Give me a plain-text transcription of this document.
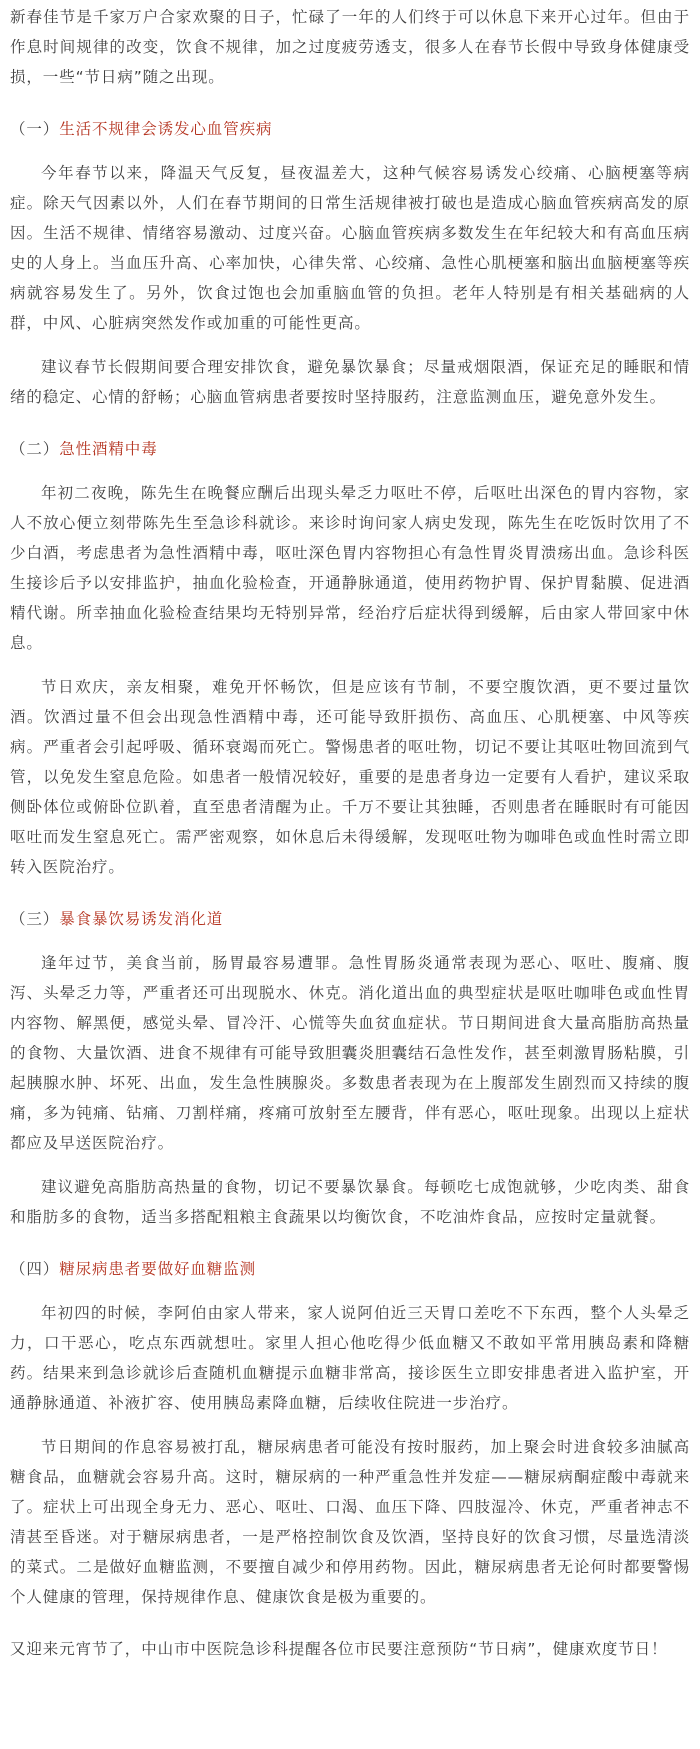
新春佳节是千家万户合家欢聚的日子，忙碌了一年的人们终于可以休息下来开心过年。但由于作息时间规律的改变，饮食不规律，加之过度疲劳透支，很多人在春节长假中导致身体健康受损，一些“节日病”随之出现。

（一）生活不规律会诱发心血管疾病

今年春节以来，降温天气反复，昼夜温差大，这种气候容易诱发心绞痛、心脑梗塞等病症。除天气因素以外，人们在春节期间的日常生活规律被打破也是造成心脑血管疾病高发的原因。生活不规律、情绪容易激动、过度兴奋。心脑血管疾病多数发生在年纪较大和有高血压病史的人身上。当血压升高、心率加快，心律失常、心绞痛、急性心肌梗塞和脑出血脑梗塞等疾病就容易发生了。另外，饮食过饱也会加重脑血管的负担。老年人特别是有相关基础病的人群，中风、心脏病突然发作或加重的可能性更高。

建议春节长假期间要合理安排饮食，避免暴饮暴食；尽量戒烟限酒，保证充足的睡眠和情绪的稳定、心情的舒畅；心脑血管病患者要按时坚持服药，注意监测血压，避免意外发生。

（二）急性酒精中毒

年初二夜晚，陈先生在晚餐应酬后出现头晕乏力呕吐不停，后呕吐出深色的胃内容物，家人不放心便立刻带陈先生至急诊科就诊。来诊时询问家人病史发现，陈先生在吃饭时饮用了不少白酒，考虑患者为急性酒精中毒，呕吐深色胃内容物担心有急性胃炎胃溃疡出血。急诊科医生接诊后予以安排监护，抽血化验检查，开通静脉通道，使用药物护胃、保护胃黏膜、促进酒精代谢。所幸抽血化验检查结果均无特别异常，经治疗后症状得到缓解，后由家人带回家中休息。

节日欢庆，亲友相聚，难免开怀畅饮，但是应该有节制，不要空腹饮酒，更不要过量饮酒。饮酒过量不但会出现急性酒精中毒，还可能导致肝损伤、高血压、心肌梗塞、中风等疾病。严重者会引起呼吸、循环衰竭而死亡。警惕患者的呕吐物，切记不要让其呕吐物回流到气管，以免发生窒息危险。如患者一般情况较好，重要的是患者身边一定要有人看护，建议采取侧卧体位或俯卧位趴着，直至患者清醒为止。千万不要让其独睡，否则患者在睡眠时有可能因呕吐而发生窒息死亡。需严密观察，如休息后未得缓解，发现呕吐物为咖啡色或血性时需立即转入医院治疗。

（三）暴食暴饮易诱发消化道

逢年过节，美食当前，肠胃最容易遭罪。急性胃肠炎通常表现为恶心、呕吐、腹痛、腹泻、头晕乏力等，严重者还可出现脱水、休克。消化道出血的典型症状是呕吐咖啡色或血性胃内容物、解黑便，感觉头晕、冒冷汗、心慌等失血贫血症状。节日期间进食大量高脂肪高热量的食物、大量饮酒、进食不规律有可能导致胆囊炎胆囊结石急性发作，甚至刺激胃肠粘膜，引起胰腺水肿、坏死、出血，发生急性胰腺炎。多数患者表现为在上腹部发生剧烈而又持续的腹痛，多为钝痛、钻痛、刀割样痛，疼痛可放射至左腰背，伴有恶心，呕吐现象。出现以上症状都应及早送医院治疗。

建议避免高脂肪高热量的食物，切记不要暴饮暴食。每顿吃七成饱就够，少吃肉类、甜食和脂肪多的食物，适当多搭配粗粮主食蔬果以均衡饮食，不吃油炸食品，应按时定量就餐。

（四）糖尿病患者要做好血糖监测

年初四的时候，李阿伯由家人带来，家人说阿伯近三天胃口差吃不下东西，整个人头晕乏力，口干恶心，吃点东西就想吐。家里人担心他吃得少低血糖又不敢如平常用胰岛素和降糖药。结果来到急诊就诊后查随机血糖提示血糖非常高，接诊医生立即安排患者进入监护室，开通静脉通道、补液扩容、使用胰岛素降血糖，后续收住院进一步治疗。

节日期间的作息容易被打乱，糖尿病患者可能没有按时服药，加上聚会时进食较多油腻高糖食品，血糖就会容易升高。这时，糖尿病的一种严重急性并发症——糖尿病酮症酸中毒就来了。症状上可出现全身无力、恶心、呕吐、口渴、血压下降、四肢湿冷、休克，严重者神志不清甚至昏迷。对于糖尿病患者，一是严格控制饮食及饮酒，坚持良好的饮食习惯，尽量选清淡的菜式。二是做好血糖监测，不要擅自减少和停用药物。因此，糖尿病患者无论何时都要警惕个人健康的管理，保持规律作息、健康饮食是极为重要的。

又迎来元宵节了，中山市中医院急诊科提醒各位市民要注意预防“节日病”，健康欢度节日！
